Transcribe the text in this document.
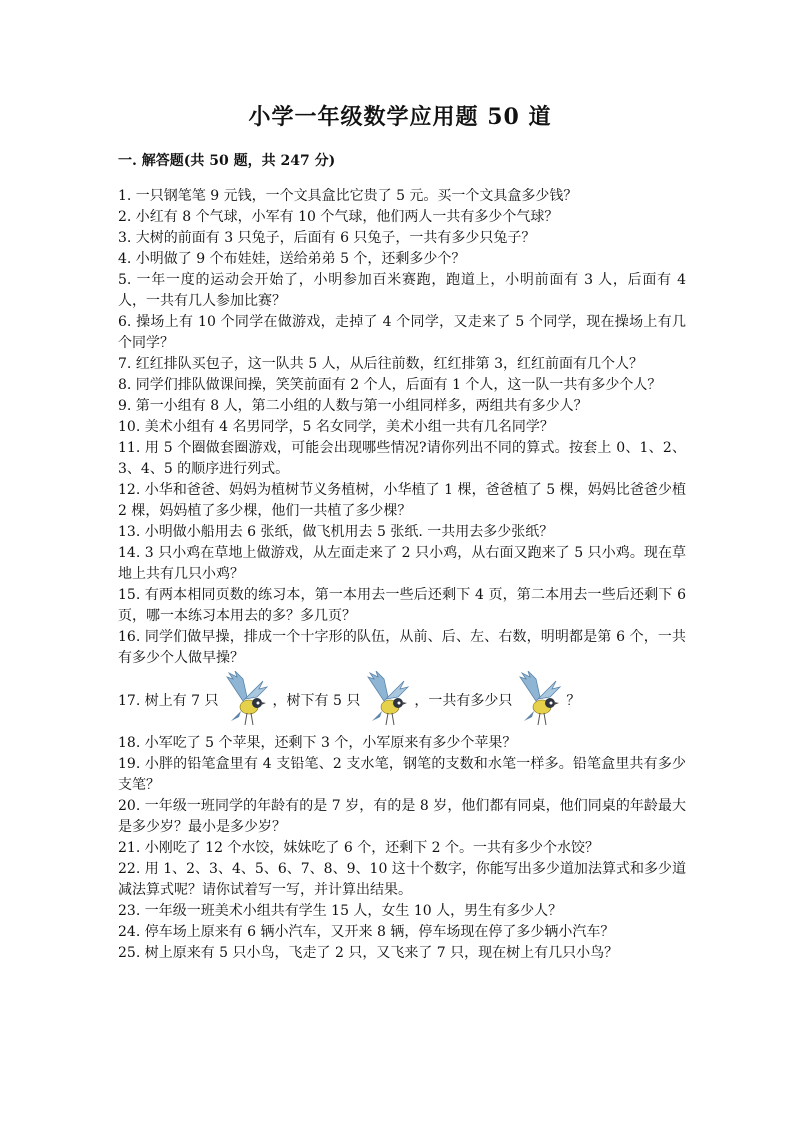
小学一年级数学应用题 50 道
一. 解答题(共 50 题，共 247 分)

1. 一只钢笔笔 9 元钱，一个文具盒比它贵了 5 元。买一个文具盒多少钱？

2. 小红有 8 个气球，小军有 10 个气球，他们两人一共有多少个气球？

3. 大树的前面有 3 只兔子，后面有 6 只兔子，一共有多少只兔子？

4. 小明做了 9 个布娃娃，送给弟弟 5 个，还剩多少个？

5. 一年一度的运动会开始了，小明参加百米赛跑，跑道上，小明前面有 3 人，后面有 4 人，一共有几人参加比赛？

6. 操场上有 10 个同学在做游戏，走掉了 4 个同学，又走来了 5 个同学，现在操场上有几个同学？

7. 红红排队买包子，这一队共 5 人，从后往前数，红红排第 3，红红前面有几个人？

8. 同学们排队做课间操，笑笑前面有 2 个人，后面有 1 个人，这一队一共有多少个人？

9. 第一小组有 8 人，第二小组的人数与第一小组同样多，两组共有多少人？

10. 美术小组有 4 名男同学，5 名女同学，美术小组一共有几名同学？

11. 用 5 个圈做套圈游戏，可能会出现哪些情况?请你列出不同的算式。按套上 0、1、2、3、4、5 的顺序进行列式。

12. 小华和爸爸、妈妈为植树节义务植树，小华植了 1 棵，爸爸植了 5 棵，妈妈比爸爸少植 2 棵，妈妈植了多少棵，他们一共植了多少棵？

13. 小明做小船用去 6 张纸，做飞机用去 5 张纸. 一共用去多少张纸？

14. 3 只小鸡在草地上做游戏，从左面走来了 2 只小鸡，从右面又跑来了 5 只小鸡。现在草地上共有几只小鸡？

15. 有两本相同页数的练习本，第一本用去一些后还剩下 4 页，第二本用去一些后还剩下 6 页，哪一本练习本用去的多？多几页？

16. 同学们做早操，排成一个十字形的队伍，从前、后、左、右数，明明都是第 6 个，一共有多少个人做早操？

17. 树上有 7 只	，树下有 5 只	，一共有多少只	？

18. 小军吃了 5 个苹果，还剩下 3 个，小军原来有多少个苹果？

19. 小胖的铅笔盒里有 4 支铅笔、2 支水笔，钢笔的支数和水笔一样多。铅笔盒里共有多少支笔？

20. 一年级一班同学的年龄有的是 7 岁，有的是 8 岁，他们都有同桌，他们同桌的年龄最大是多少岁？最小是多少岁？

21. 小刚吃了 12 个水饺，妹妹吃了 6 个，还剩下 2 个。一共有多少个水饺？

22. 用 1、2、3、4、5、6、7、8、9、10 这十个数字，你能写出多少道加法算式和多少道减法算式呢？请你试着写一写，并计算出结果。

23. 一年级一班美术小组共有学生 15 人，女生 10 人，男生有多少人？

24. 停车场上原来有 6 辆小汽车，又开来 8 辆，停车场现在停了多少辆小汽车？

25. 树上原来有 5 只小鸟，飞走了 2 只，又飞来了 7 只，现在树上有几只小鸟？
